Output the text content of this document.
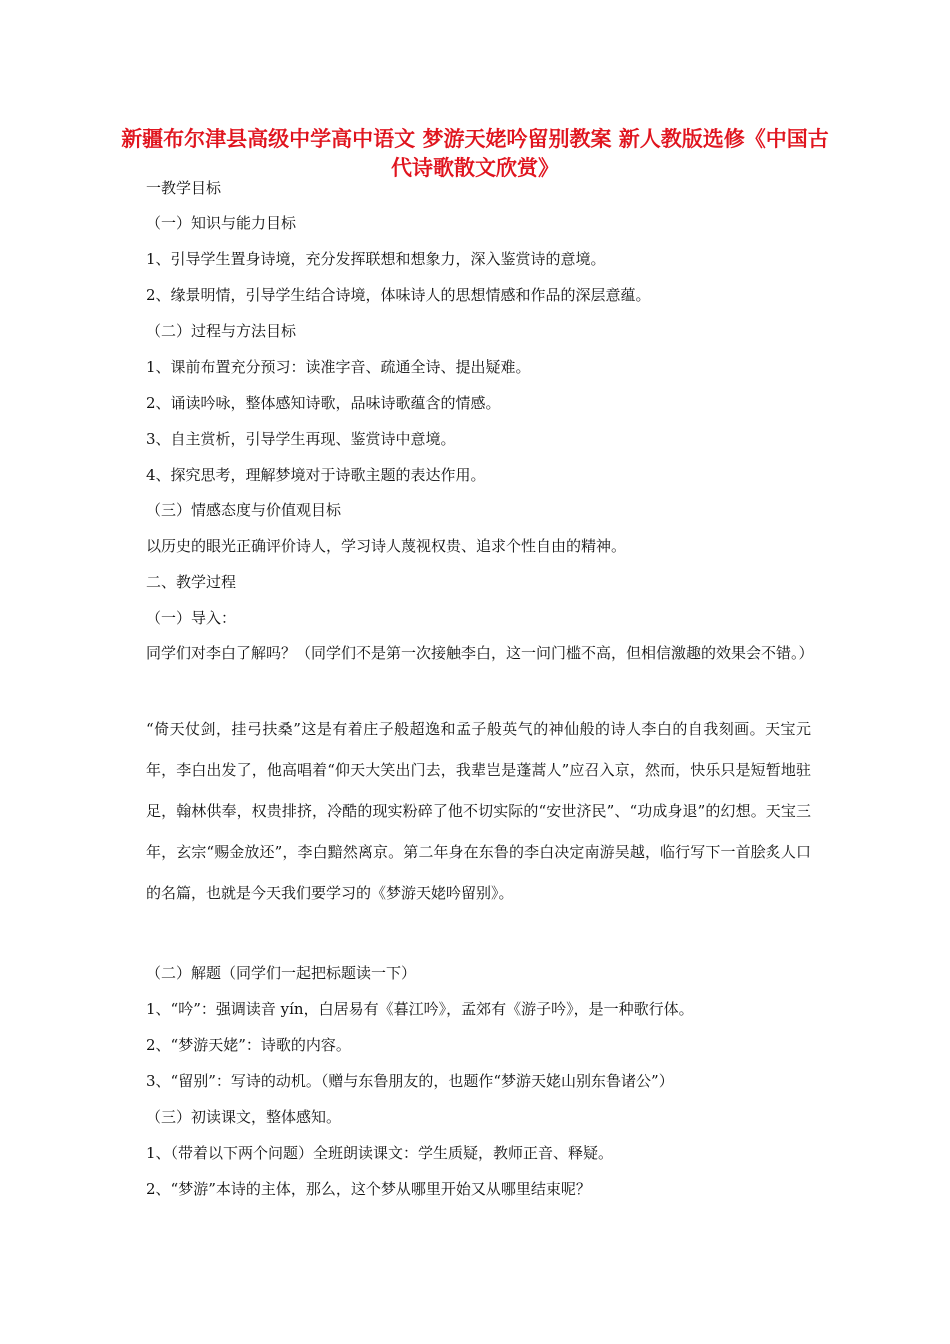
新疆布尔津县高级中学高中语文 梦游天姥吟留别教案 新人教版选修《中国古代诗歌散文欣赏》

一教学目标

（一）知识与能力目标

1、引导学生置身诗境，充分发挥联想和想象力，深入鉴赏诗的意境。

2、缘景明情，引导学生结合诗境，体味诗人的思想情感和作品的深层意蕴。

（二）过程与方法目标

1、课前布置充分预习：读准字音、疏通全诗、提出疑难。

2、诵读吟咏，整体感知诗歌，品味诗歌蕴含的情感。

3、自主赏析，引导学生再现、鉴赏诗中意境。

4、探究思考，理解梦境对于诗歌主题的表达作用。

（三）情感态度与价值观目标

以历史的眼光正确评价诗人，学习诗人蔑视权贵、追求个性自由的精神。

二、教学过程

（一）导入：

同学们对李白了解吗？（同学们不是第一次接触李白，这一问门槛不高，但相信激趣的效果会不错。）

“倚天仗剑，挂弓扶桑”这是有着庄子般超逸和孟子般英气的神仙般的诗人李白的自我刻画。天宝元年，李白出发了，他高唱着“仰天大笑出门去，我辈岂是蓬蒿人”应召入京，然而，快乐只是短暂地驻足，翰林供奉，权贵排挤，冷酷的现实粉碎了他不切实际的“安世济民”、“功成身退”的幻想。天宝三年，玄宗“赐金放还”，李白黯然离京。第二年身在东鲁的李白决定南游吴越，临行写下一首脍炙人口的名篇，也就是今天我们要学习的《梦游天姥吟留别》。

（二）解题（同学们一起把标题读一下）

1、“吟”：强调读音 yín，白居易有《暮江吟》，孟郊有《游子吟》，是一种歌行体。

2、“梦游天姥”：诗歌的内容。

3、“留别”：写诗的动机。（赠与东鲁朋友的，也题作“梦游天姥山别东鲁诸公”）

（三）初读课文，整体感知。

1、（带着以下两个问题）全班朗读课文：学生质疑，教师正音、释疑。

2、“梦游”本诗的主体，那么，这个梦从哪里开始又从哪里结束呢？
